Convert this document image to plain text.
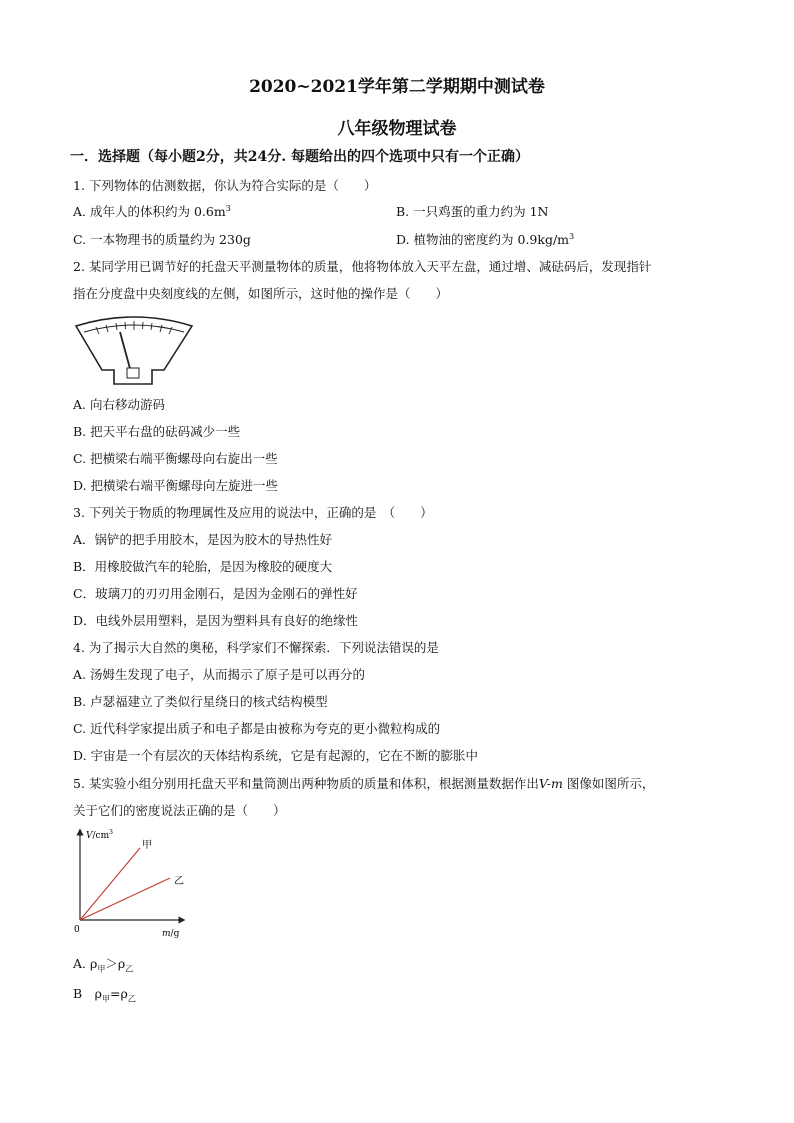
2020~2021学年第二学期期中测试卷
八年级物理试卷
一．选择题（每小题2分，共24分. 每题给出的四个选项中只有一个正确）
1. 下列物体的估测数据，你认为符合实际的是（　　）
A. 成年人的体积约为 $0.6m^3$	B. 一只鸡蛋的重力约为 1N
C. 一本物理书的质量约为 230g	D. 植物油的密度约为 $0.9kg/m^3$
2. 某同学用已调节好的托盘天平测量物体的质量，他将物体放入天平左盘，通过增、减砝码后，发现指针
指在分度盘中央刻度线的左侧，如图所示，这时他的操作是（　　）
A. 向右移动游码
B. 把天平右盘的砝码减少一些
C. 把横梁右端平衡螺母向右旋出一些
D. 把横梁右端平衡螺母向左旋进一些
3. 下列关于物质的物理属性及应用的说法中，正确的是　（　　）
A．锅铲的把手用胶木，是因为胶木的导热性好
B．用橡胶做汽车的轮胎，是因为橡胶的硬度大
C．玻璃刀的刃刃用金刚石，是因为金刚石的弹性好
D．电线外层用塑料，是因为塑料具有良好的绝缘性
4. 为了揭示大自然的奥秘，科学家们不懈探索．下列说法错误的是
A. 汤姆生发现了电子，从而揭示了原子是可以再分的
B. 卢瑟福建立了类似行星绕日的核式结构模型
C. 近代科学家提出质子和电子都是由被称为夸克的更小微粒构成的
D. 宇宙是一个有层次的天体结构系统，它是有起源的，它在不断的膨胀中
5. 某实验小组分别用托盘天平和量筒测出两种物质的质量和体积，根据测量数据作出V-m 图像如图所示，
关于它们的密度说法正确的是（　　）
$V/cm^3$
甲
乙
0	m/g
A. $\rho_甲>\rho_乙$
B　$\rho_甲=\rho_乙$
